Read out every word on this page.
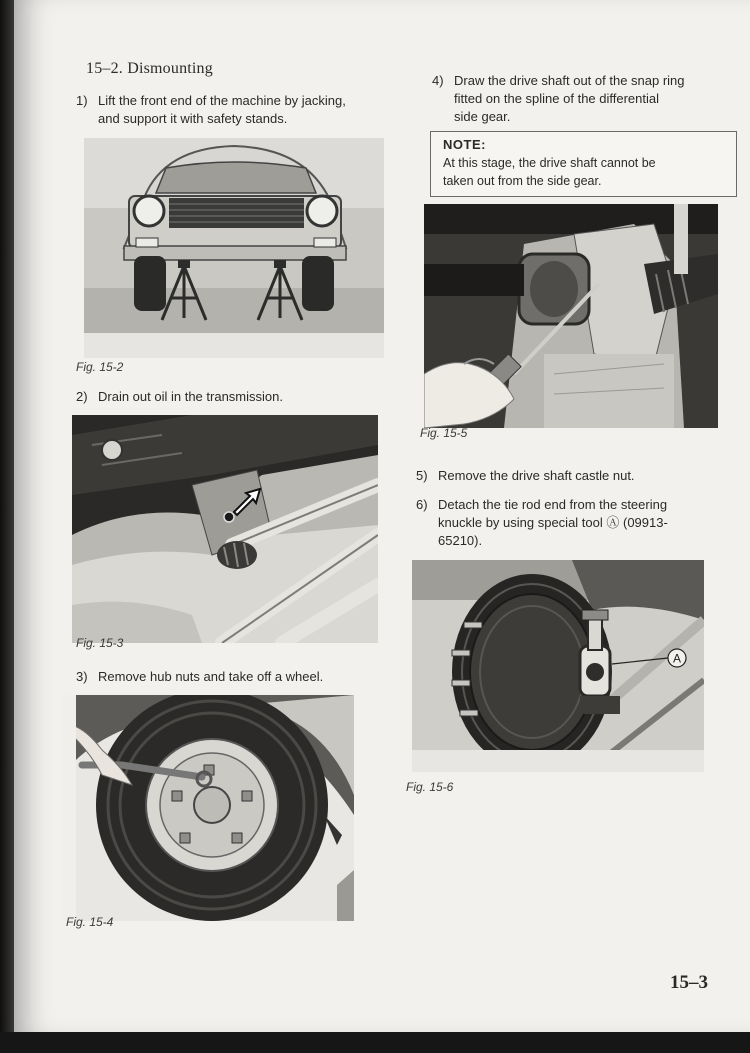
15–2. Dismounting
1) Lift the front end of the machine by jacking,
and support it with safety stands.
Fig. 15-2
2) Drain out oil in the transmission.
Fig. 15-3
3) Remove hub nuts and take off a wheel.
Fig. 15-4
4) Draw the drive shaft out of the snap ring
fitted on the spline of the differential
side gear.
NOTE:
At this stage, the drive shaft cannot be
taken out from the side gear.
Fig. 15-5
5) Remove the drive shaft castle nut.
6) Detach the tie rod end from the steering
knuckle by using special tool Ⓐ (09913-
65210).
A
Fig. 15-6
15–3
